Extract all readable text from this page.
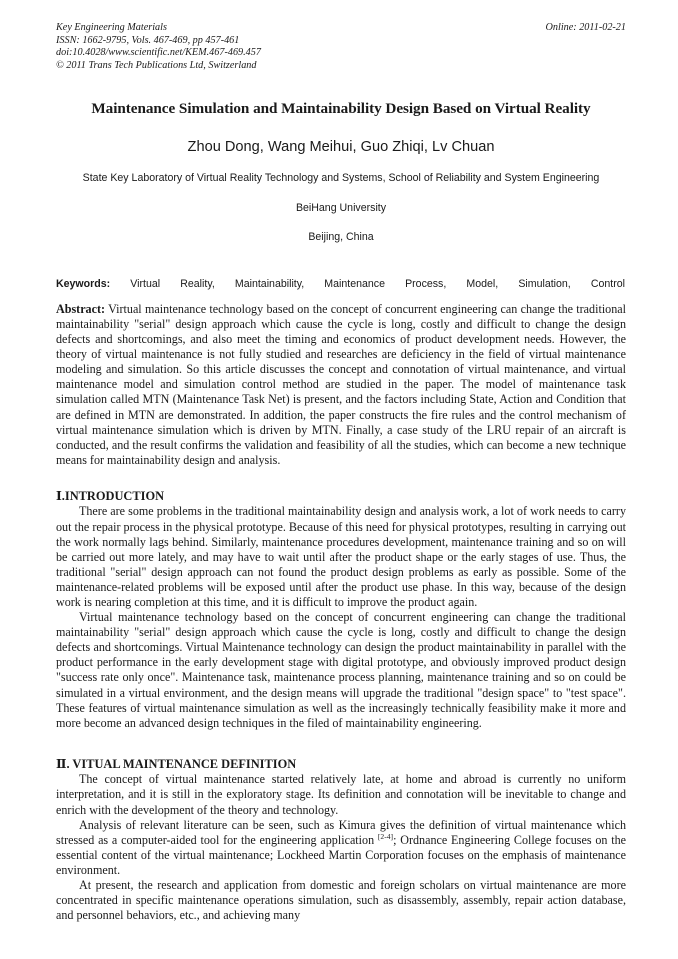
Key Engineering Materials	Online: 2011-02-21
ISSN: 1662-9795, Vols. 467-469, pp 457-461
doi:10.4028/www.scientific.net/KEM.467-469.457
© 2011 Trans Tech Publications Ltd, Switzerland
Maintenance Simulation and Maintainability Design Based on Virtual Reality
Zhou Dong, Wang Meihui, Guo Zhiqi, Lv Chuan
State Key Laboratory of Virtual Reality Technology and Systems, School of Reliability and System Engineering
BeiHang University
Beijing, China
Keywords: Virtual Reality, Maintainability, Maintenance Process, Model, Simulation, Control
Abstract: Virtual maintenance technology based on the concept of concurrent engineering can change the traditional maintainability "serial" design approach which cause the cycle is long, costly and difficult to change the design defects and shortcomings, and also meet the timing and economics of product development needs. However, the theory of virtual maintenance is not fully studied and researches are deficiency in the field of virtual maintenance modeling and simulation. So this article discusses the concept and connotation of virtual maintenance, and virtual maintenance model and simulation control method are studied in the paper. The model of maintenance task simulation called MTN (Maintenance Task Net) is present, and the factors including State, Action and Condition that are defined in MTN are demonstrated. In addition, the paper constructs the fire rules and the control mechanism of virtual maintenance simulation which is driven by MTN. Finally, a case study of the LRU repair of an aircraft is conducted, and the result confirms the validation and feasibility of all the studies, which can become a new technique means for maintainability design and analysis.
Ⅰ.INTRODUCTION

There are some problems in the traditional maintainability design and analysis work, a lot of work needs to carry out the repair process in the physical prototype. Because of this need for physical prototypes, resulting in carrying out the work normally lags behind. Similarly, maintenance procedures development, maintenance training and so on will be carried out more lately, and may have to wait until after the product shape or the early stages of use. Thus, the traditional "serial" design approach can not found the product design problems as early as possible. Some of the maintenance-related problems will be exposed until after the product use phase. In this way, because of the design work is nearing completion at this time, and it is difficult to improve the product again.

Virtual maintenance technology based on the concept of concurrent engineering can change the traditional maintainability "serial" design approach which cause the cycle is long, costly and difficult to change the design defects and shortcomings. Virtual Maintenance technology can design the product maintainability in parallel with the product performance in the early development stage with digital prototype, and obviously improved product design "success rate only once". Maintenance task, maintenance process planning, maintenance training and so on could be simulated in a virtual environment, and the design means will upgrade the traditional "design space" to "test space". These features of virtual maintenance simulation as well as the increasingly technically feasibility make it more and more become an advanced design techniques in the filed of maintainability engineering.

Ⅱ. VITUAL MAINTENANCE DEFINITION

The concept of virtual maintenance started relatively late, at home and abroad is currently no uniform interpretation, and it is still in the exploratory stage. Its definition and connotation will be inevitable to change and enrich with the development of the theory and technology.

Analysis of relevant literature can be seen, such as Kimura gives the definition of virtual maintenance which stressed as a computer-aided tool for the engineering application [2-4]; Ordnance Engineering College focuses on the essential content of the virtual maintenance; Lockheed Martin Corporation focuses on the emphasis of maintenance environment.

At present, the research and application from domestic and foreign scholars on virtual maintenance are more concentrated in specific maintenance operations simulation, such as disassembly, assembly, repair action database, and personnel behaviors, etc., and achieving many
